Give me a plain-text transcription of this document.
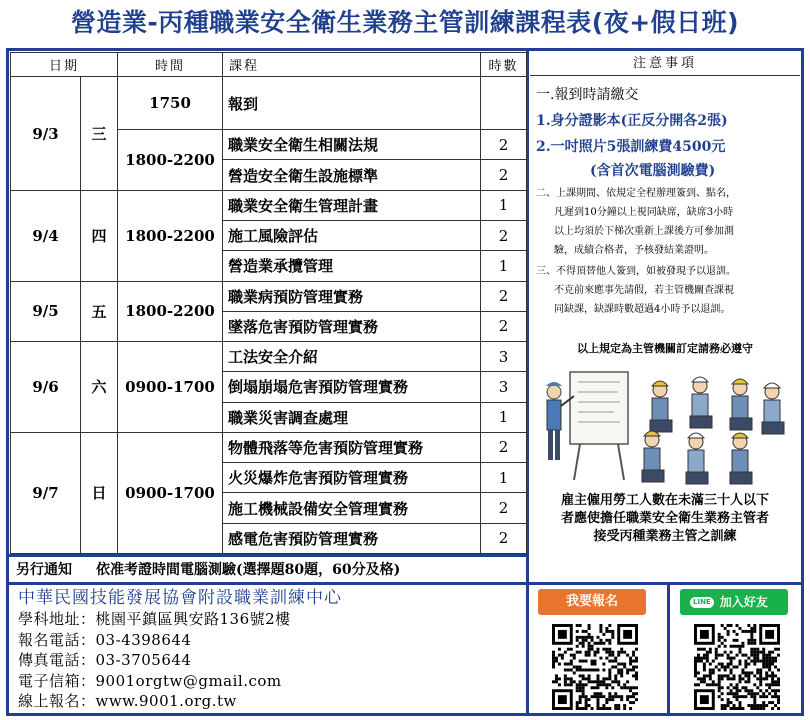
營造業-丙種職業安全衛生業務主管訓練課程表(夜+假日班)
日期		時間	課程	時數
9/3	三	1750	報到	
		1800-2200	職業安全衛生相關法規	2
			營造安全衛生設施標準	2
9/4	四	1800-2200	職業安全衛生管理計畫	1
			施工風險評估	2
			營造業承攬管理	1
9/5	五	1800-2200	職業病預防管理實務	2
			墜落危害預防管理實務	2
9/6	六	0900-1700	工法安全介紹	3
			倒塌崩塌危害預防管理實務	3
			職業災害調查處理	1
9/7	日	0900-1700	物體飛落等危害預防管理實務	2
			火災爆炸危害預防管理實務	1
			施工機械設備安全管理實務	2
			感電危害預防管理實務	2
注意事項
一.報到時請繳交
1.身分證影本(正反分開各2張)
2.一吋照片5張訓練費4500元
(含首次電腦測驗費)
二、上課期間、依規定全程辦理簽到、點名，
凡遲到10分鐘以上視同缺席，缺席3小時
以上均須於下梯次重新上課後方可參加測
驗，成績合格者，予核發結業證明。
三、不得頂替他人簽到，如被發現予以退訓。
不克前來應事先請假，若主管機關查課視
同缺課，缺課時數超過4小時予以退訓。
以上規定為主管機關訂定請務必遵守
雇主僱用勞工人數在未滿三十人以下
者應使擔任職業安全衛生業務主管者
接受丙種業務主管之訓練
另行通知 依准考證時間電腦測驗(選擇題80題，60分及格)
中華民國技能發展協會附設職業訓練中心
學科地址：桃園平鎮區興安路136號2樓
報名電話：03-4398644
傳真電話：03-3705644
電子信箱：9001orgtw@gmail.com
線上報名：www.9001.org.tw
我要報名	LINE 加入好友
